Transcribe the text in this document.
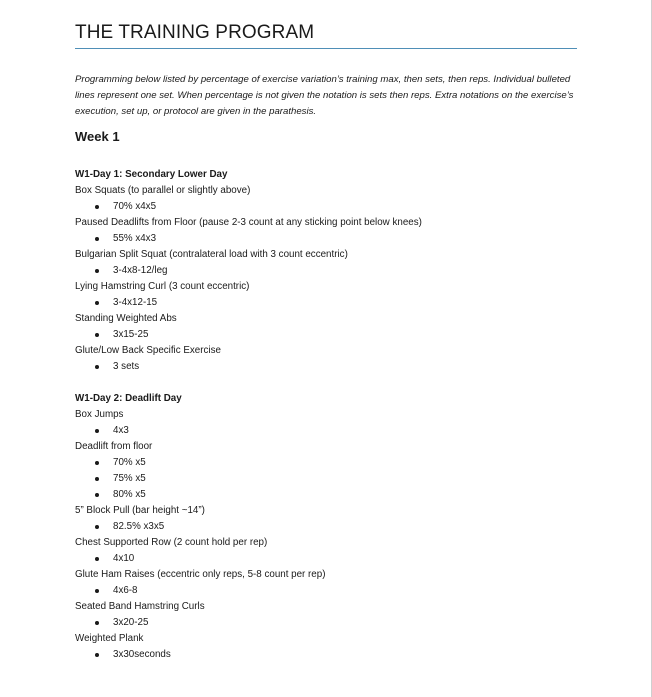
THE TRAINING PROGRAM

Programming below listed by percentage of exercise variation’s training max, then sets, then reps. Individual bulleted lines represent one set. When percentage is not given the notation is sets then reps. Extra notations on the exercise’s execution, set up, or protocol are given in the parathesis.

Week 1

W1-Day 1: Secondary Lower Day

Box Squats (to parallel or slightly above)

70% x4x5

Paused Deadlifts from Floor (pause 2-3 count at any sticking point below knees)

55% x4x3

Bulgarian Split Squat (contralateral load with 3 count eccentric)

3-4x8-12/leg

Lying Hamstring Curl (3 count eccentric)

3-4x12-15

Standing Weighted Abs

3x15-25

Glute/Low Back Specific Exercise

3 sets

W1-Day 2: Deadlift Day

Box Jumps

4x3

Deadlift from floor

70% x5
75% x5
80% x5

5” Block Pull (bar height ~14”)

82.5% x3x5

Chest Supported Row (2 count hold per rep)

4x10

Glute Ham Raises (eccentric only reps, 5-8 count per rep)

4x6-8

Seated Band Hamstring Curls

3x20-25

Weighted Plank

3x30seconds
